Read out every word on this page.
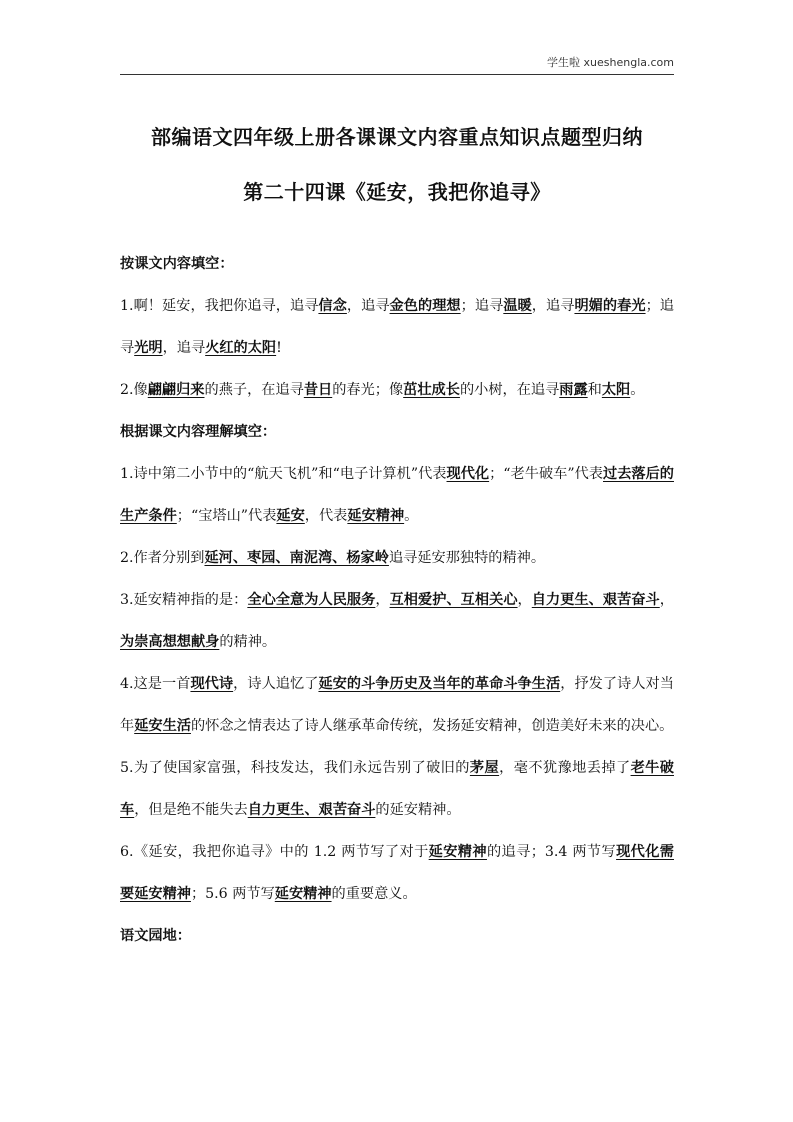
学生啦 xueshengla.com
部编语文四年级上册各课课文内容重点知识点题型归纳
第二十四课《延安，我把你追寻》

按课文内容填空：

1.啊！延安，我把你追寻，追寻信念，追寻金色的理想；追寻温暖，追寻明媚的春光；追寻光明，追寻火红的太阳!

2.像翩翩归来的燕子，在追寻昔日的春光；像茁壮成长的小树，在追寻雨露和太阳。

根据课文内容理解填空：

1.诗中第二小节中的“航天飞机”和“电子计算机”代表现代化；“老牛破车”代表过去落后的生产条件；“宝塔山”代表延安，代表延安精神。

2.作者分别到延河、枣园、南泥湾、杨家岭追寻延安那独特的精神。

3.延安精神指的是：全心全意为人民服务，互相爱护、互相关心，自力更生、艰苦奋斗，为崇高想想献身的精神。

4.这是一首现代诗，诗人追忆了延安的斗争历史及当年的革命斗争生活，抒发了诗人对当年延安生活的怀念之情表达了诗人继承革命传统，发扬延安精神，创造美好未来的决心。

5.为了使国家富强，科技发达，我们永远告别了破旧的茅屋，毫不犹豫地丢掉了老牛破车，但是绝不能失去自力更生、艰苦奋斗的延安精神。

6.《延安，我把你追寻》中的 1.2 两节写了对于延安精神的追寻；3.4 两节写现代化需要延安精神；5.6 两节写延安精神的重要意义。

语文园地：
